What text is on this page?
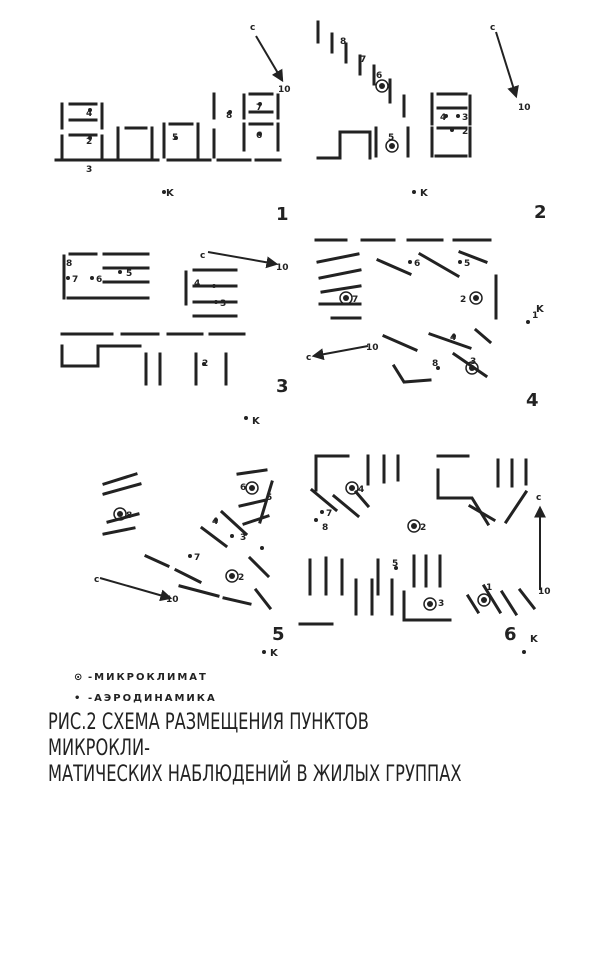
4
2
3
5
8
7
6
10
c
8
7
6
5
4 3
2
c
10
8
7 6
5
4
3
2
c
10	6	5
7	2
1
4
3
8
c
10
8
6
5
4
3
7
2
c
10
4
7
8	2
5
3
1
c
10
K	K
K
K
K
K
1	2
3
4
5	6
⊙ -МИКРОКЛИМАТ
• -АЭРОДИНАМИКА
РИС.2 СХЕМА РАЗМЕЩЕНИЯ ПУНКТОВ МИКРОКЛИ-
МАТИЧЕСКИХ НАБЛЮДЕНИЙ В ЖИЛЫХ ГРУППАХ
